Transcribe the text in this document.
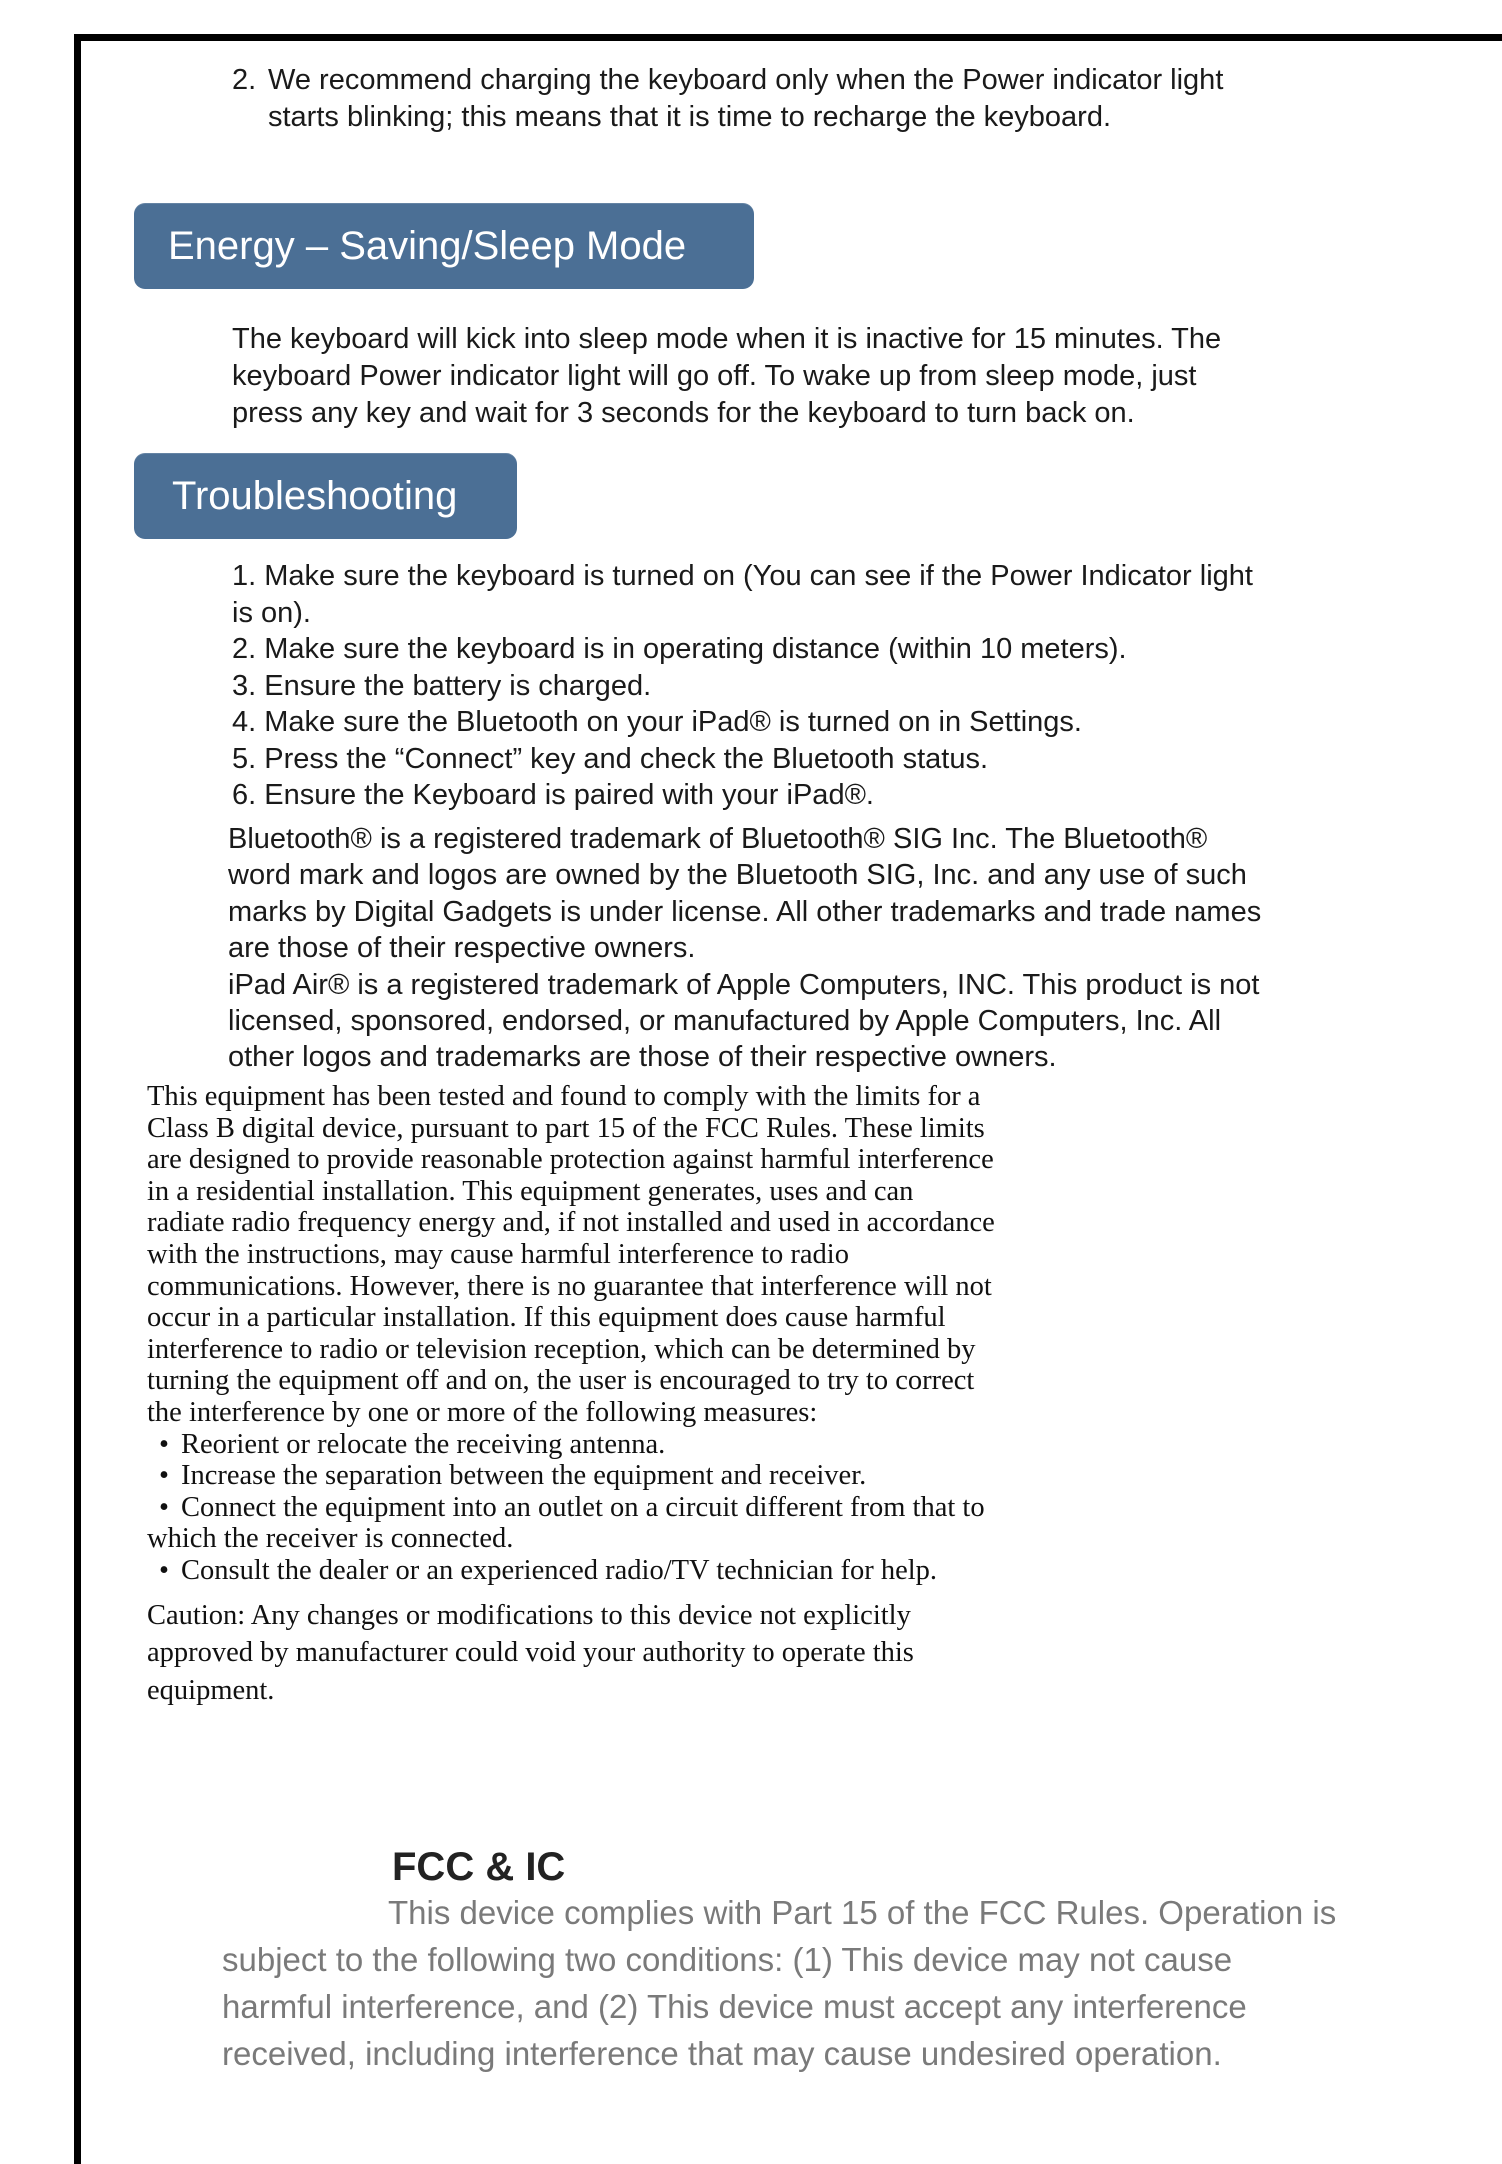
2. We recommend charging the keyboard only when the Power indicator light
starts blinking; this means that it is time to recharge the keyboard.
Energy – Saving/Sleep Mode
The keyboard will kick into sleep mode when it is inactive for 15 minutes. The
keyboard Power indicator light will go off. To wake up from sleep mode, just
press any key and wait for 3 seconds for the keyboard to turn back on.
Troubleshooting
1. Make sure the keyboard is turned on (You can see if the Power Indicator light
is on).
2. Make sure the keyboard is in operating distance (within 10 meters).
3. Ensure the battery is charged.
4. Make sure the Bluetooth on your iPad® is turned on in Settings.
5. Press the “Connect” key and check the Bluetooth status.
6. Ensure the Keyboard is paired with your iPad®.

Bluetooth® is a registered trademark of Bluetooth® SIG Inc. The Bluetooth®

word mark and logos are owned by the Bluetooth SIG, Inc. and any use of such

marks by Digital Gadgets is under license. All other trademarks and trade names

are those of their respective owners.

iPad Air® is a registered trademark of Apple Computers, INC. This product is not

licensed, sponsored, endorsed, or manufactured by Apple Computers, Inc. All

other logos and trademarks are those of their respective owners.

This equipment has been tested and found to comply with the limits for a

Class B digital device, pursuant to part 15 of the FCC Rules. These limits

are designed to provide reasonable protection against harmful interference

in a residential installation. This equipment generates, uses and can

radiate radio frequency energy and, if not installed and used in accordance

with the instructions, may cause harmful interference to radio

communications. However, there is no guarantee that interference will not

occur in a particular installation. If this equipment does cause harmful

interference to radio or television reception, which can be determined by

turning the equipment off and on, the user is encouraged to try to correct

the interference by one or more of the following measures:

• Reorient or relocate the receiving antenna.
• Increase the separation between the equipment and receiver.
• Connect the equipment into an outlet on a circuit different from that to
which the receiver is connected.
• Consult the dealer or an experienced radio/TV technician for help.
Caution: Any changes or modifications to this device not explicitly
approved by manufacturer could void your authority to operate this
equipment.
FCC & IC
This device complies with Part 15 of the FCC Rules. Operation is
subject to the following two conditions: (1) This device may not cause
harmful interference, and (2) This device must accept any interference
received, including interference that may cause undesired operation.
